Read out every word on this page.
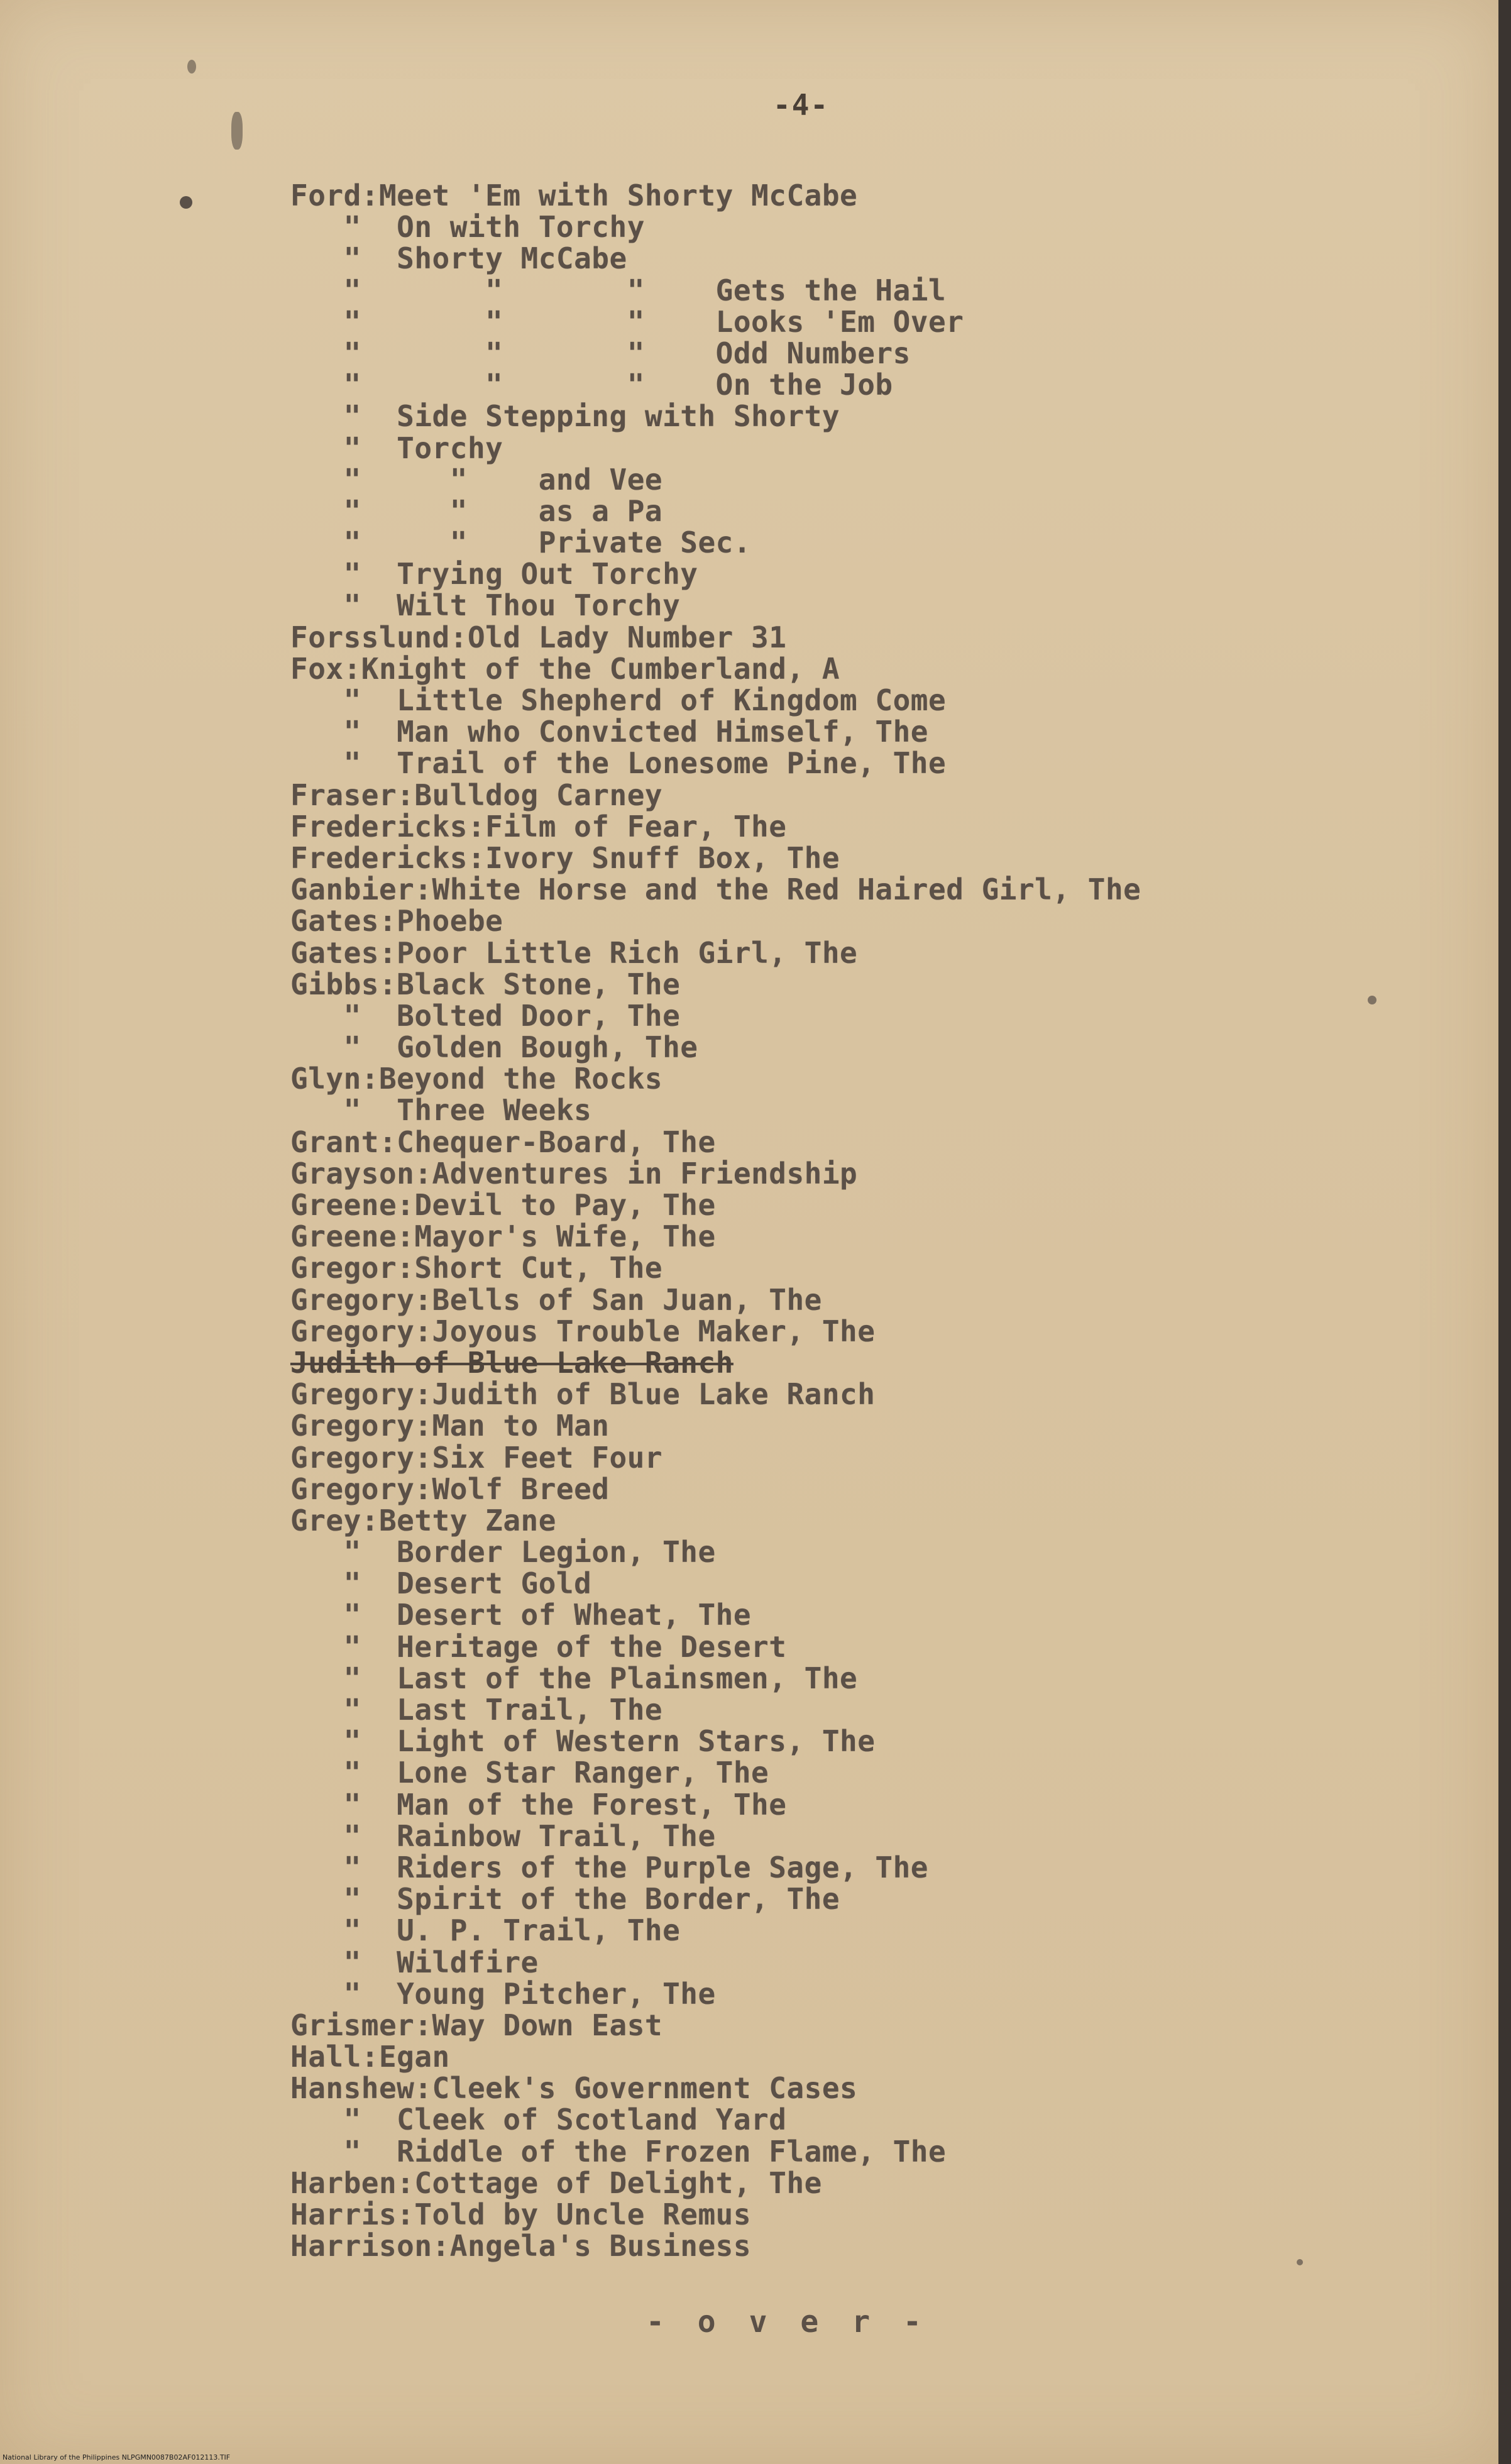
-4-
Ford:Meet 'Em with Shorty McCabe
"  On with Torchy
"  Shorty McCabe
"       "       "    Gets the Hail
"       "       "    Looks 'Em Over
"       "       "    Odd Numbers
"       "       "    On the Job
"  Side Stepping with Shorty
"  Torchy
"     "    and Vee
"     "    as a Pa
"     "    Private Sec.
"  Trying Out Torchy
"  Wilt Thou Torchy
Forsslund:Old Lady Number 31
Fox:Knight of the Cumberland, A
"  Little Shepherd of Kingdom Come
"  Man who Convicted Himself, The
"  Trail of the Lonesome Pine, The
Fraser:Bulldog Carney
Fredericks:Film of Fear, The
Fredericks:Ivory Snuff Box, The
Ganbier:White Horse and the Red Haired Girl, The
Gates:Phoebe
Gates:Poor Little Rich Girl, The
Gibbs:Black Stone, The
"  Bolted Door, The
"  Golden Bough, The
Glyn:Beyond the Rocks
"  Three Weeks
Grant:Chequer-Board, The
Grayson:Adventures in Friendship
Greene:Devil to Pay, The
Greene:Mayor's Wife, The
Gregor:Short Cut, The
Gregory:Bells of San Juan, The
Gregory:Joyous Trouble Maker, The
Judith of Blue Lake Ranch
Gregory:Judith of Blue Lake Ranch
Gregory:Man to Man
Gregory:Six Feet Four
Gregory:Wolf Breed
Grey:Betty Zane
"  Border Legion, The
"  Desert Gold
"  Desert of Wheat, The
"  Heritage of the Desert
"  Last of the Plainsmen, The
"  Last Trail, The
"  Light of Western Stars, The
"  Lone Star Ranger, The
"  Man of the Forest, The
"  Rainbow Trail, The
"  Riders of the Purple Sage, The
"  Spirit of the Border, The
"  U. P. Trail, The
"  Wildfire
"  Young Pitcher, The
Grismer:Way Down East
Hall:Egan
Hanshew:Cleek's Government Cases
"  Cleek of Scotland Yard
"  Riddle of the Frozen Flame, The
Harben:Cottage of Delight, The
Harris:Told by Uncle Remus
Harrison:Angela's Business
- o v e r -
National Library of the Philippines NLPGMN0087B02AF012113.TIF
